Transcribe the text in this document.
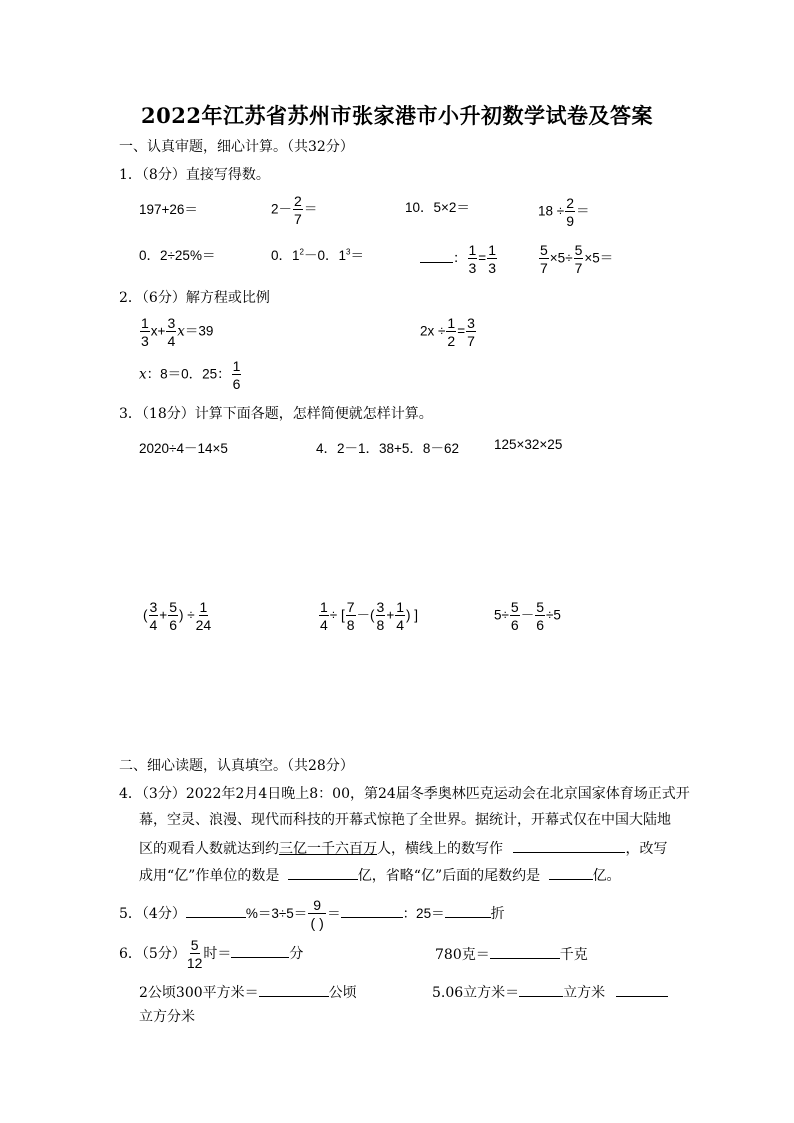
2022年江苏省苏州市张家港市小升初数学试卷及答案
一、认真审题，细心计算。（共32分）
1．（8分）直接写得数。
197+26＝	$2- \frac{2}{7}$ ＝	10．5×2＝	$18 \div \frac{2}{9}$ ＝
0．2÷25%＝	0．$1^2-0$．$1^3=$	： $\frac{1}{3} = \frac{1}{3}$	$\frac{5}{7} \times 5\div \frac{5}{7} \times 5=$
2．（6分）解方程或比例
$\frac{1}{3} x+ \frac{3}{4} x=39$	$2x \div \frac{1}{2} = \frac{3}{7}$
x：8＝0．25： $\frac{1}{6}$
3．（18分）计算下面各题，怎样简便就怎样计算。
2020÷4－14×5	4．2－1．38+5．8－62	125×32×25
( $\frac{3}{4} + \frac{5}{6}$ ) ÷ $\frac{1}{24}$	$\frac{1}{4}$ ÷ [ $\frac{7}{8}$ －( $\frac{3}{8} + \frac{1}{4}$ ) ]	$5\div \frac{5}{6} - \frac{5}{6} \div 5$
二、细心读题，认真填空。（共28分）
4．（3分）2022年2月4日晚上8：00，第24届冬季奥林匹克运动会在北京国家体育场正式开
幕，空灵、浪漫、现代而科技的开幕式惊艳了全世界。据统计，开幕式仅在中国大陆地
区的观看人数就达到约三亿一千六百万人，横线上的数写作	，改写
成用“亿”作单位的数是	亿，省略“亿”后面的尾数约是	亿。
5．（4分）	$\%=3\div 5= \frac{9}{( )}$ ＝	：25＝	折
6．（5分） $\frac{5}{12}$ 时＝	分	780克＝	千克
2公顷300平方米＝	公顷	5.06立方米＝	立方米
立方分米
